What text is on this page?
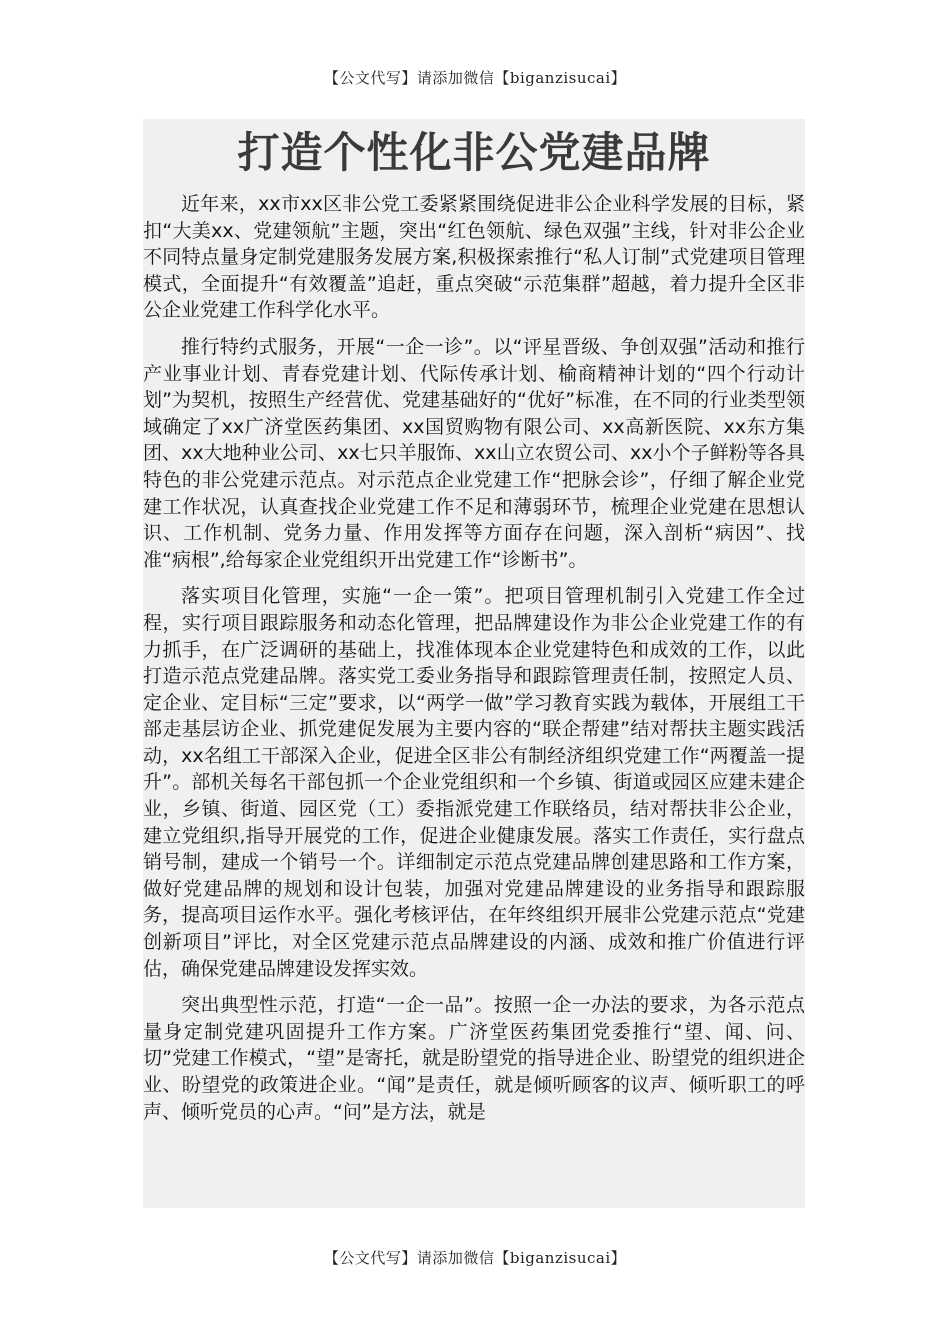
【公文代写】请添加微信【biganzisucai】
打造个性化非公党建品牌

近年来，xx市xx区非公党工委紧紧围绕促进非公企业科学发展的目标，紧扣“大美xx、党建领航”主题，突出“红色领航、绿色双强”主线，针对非公企业不同特点量身定制党建服务发展方案,积极探索推行“私人订制”式党建项目管理模式，全面提升“有效覆盖”追赶，重点突破“示范集群”超越，着力提升全区非公企业党建工作科学化水平。

推行特约式服务，开展“一企一诊”。以“评星晋级、争创双强”活动和推行产业事业计划、青春党建计划、代际传承计划、榆商精神计划的“四个行动计划”为契机，按照生产经营优、党建基础好的“优好”标准，在不同的行业类型领域确定了xx广济堂医药集团、xx国贸购物有限公司、xx高新医院、xx东方集团、xx大地种业公司、xx七只羊服饰、xx山立农贸公司、xx小个子鲜粉等各具特色的非公党建示范点。对示范点企业党建工作“把脉会诊”，仔细了解企业党建工作状况，认真查找企业党建工作不足和薄弱环节，梳理企业党建在思想认识、工作机制、党务力量、作用发挥等方面存在问题，深入剖析“病因”、找准“病根”,给每家企业党组织开出党建工作“诊断书”。

落实项目化管理，实施“一企一策”。把项目管理机制引入党建工作全过程，实行项目跟踪服务和动态化管理，把品牌建设作为非公企业党建工作的有力抓手，在广泛调研的基础上，找准体现本企业党建特色和成效的工作，以此打造示范点党建品牌。落实党工委业务指导和跟踪管理责任制，按照定人员、定企业、定目标“三定”要求，以“两学一做”学习教育实践为载体，开展组工干部走基层访企业、抓党建促发展为主要内容的“联企帮建”结对帮扶主题实践活动，xx名组工干部深入企业，促进全区非公有制经济组织党建工作“两覆盖一提升”。部机关每名干部包抓一个企业党组织和一个乡镇、街道或园区应建未建企业，乡镇、街道、园区党（工）委指派党建工作联络员，结对帮扶非公企业，建立党组织,指导开展党的工作，促进企业健康发展。落实工作责任，实行盘点销号制，建成一个销号一个。详细制定示范点党建品牌创建思路和工作方案，做好党建品牌的规划和设计包装，加强对党建品牌建设的业务指导和跟踪服务，提高项目运作水平。强化考核评估，在年终组织开展非公党建示范点“党建创新项目”评比，对全区党建示范点品牌建设的内涵、成效和推广价值进行评估，确保党建品牌建设发挥实效。

突出典型性示范，打造“一企一品”。按照一企一办法的要求，为各示范点量身定制党建巩固提升工作方案。广济堂医药集团党委推行“望、闻、问、切”党建工作模式，“望”是寄托，就是盼望党的指导进企业、盼望党的组织进企业、盼望党的政策进企业。“闻”是责任，就是倾听顾客的议声、倾听职工的呼声、倾听党员的心声。“问”是方法，就是

【公文代写】请添加微信【biganzisucai】
